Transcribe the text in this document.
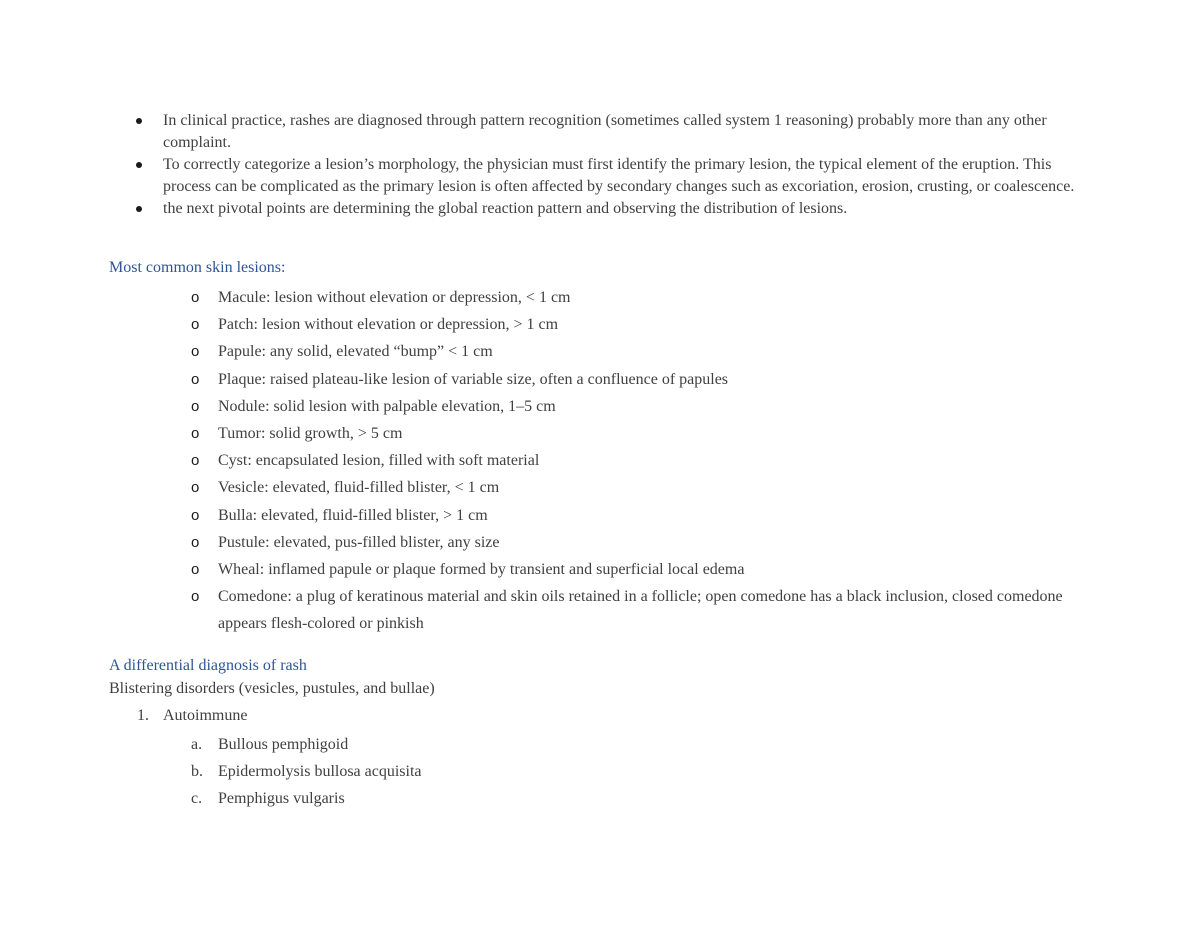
In clinical practice, rashes are diagnosed through pattern recognition (sometimes called system 1 reasoning) probably more than any other complaint.
To correctly categorize a lesion’s morphology, the physician must first identify the primary lesion, the typical element of the eruption. This process can be complicated as the primary lesion is often affected by secondary changes such as excoriation, erosion, crusting, or coalescence.
the next pivotal points are determining the global reaction pattern and observing the distribution of lesions.
Most common skin lesions:
o Macule: lesion without elevation or depression, < 1 cm
o Patch: lesion without elevation or depression, > 1 cm
o Papule: any solid, elevated “bump” < 1 cm
o Plaque: raised plateau-like lesion of variable size, often a confluence of papules
o Nodule: solid lesion with palpable elevation, 1–5 cm
o Tumor: solid growth, > 5 cm
o Cyst: encapsulated lesion, filled with soft material
o Vesicle: elevated, fluid-filled blister, < 1 cm
o Bulla: elevated, fluid-filled blister, > 1 cm
o Pustule: elevated, pus-filled blister, any size
o Wheal: inflamed papule or plaque formed by transient and superficial local edema
o Comedone: a plug of keratinous material and skin oils retained in a follicle; open comedone has a black inclusion, closed comedone appears flesh-colored or pinkish
A differential diagnosis of rash
Blistering disorders (vesicles, pustules, and bullae)
1. Autoimmune
a. Bullous pemphigoid
b. Epidermolysis bullosa acquisita
c. Pemphigus vulgaris
